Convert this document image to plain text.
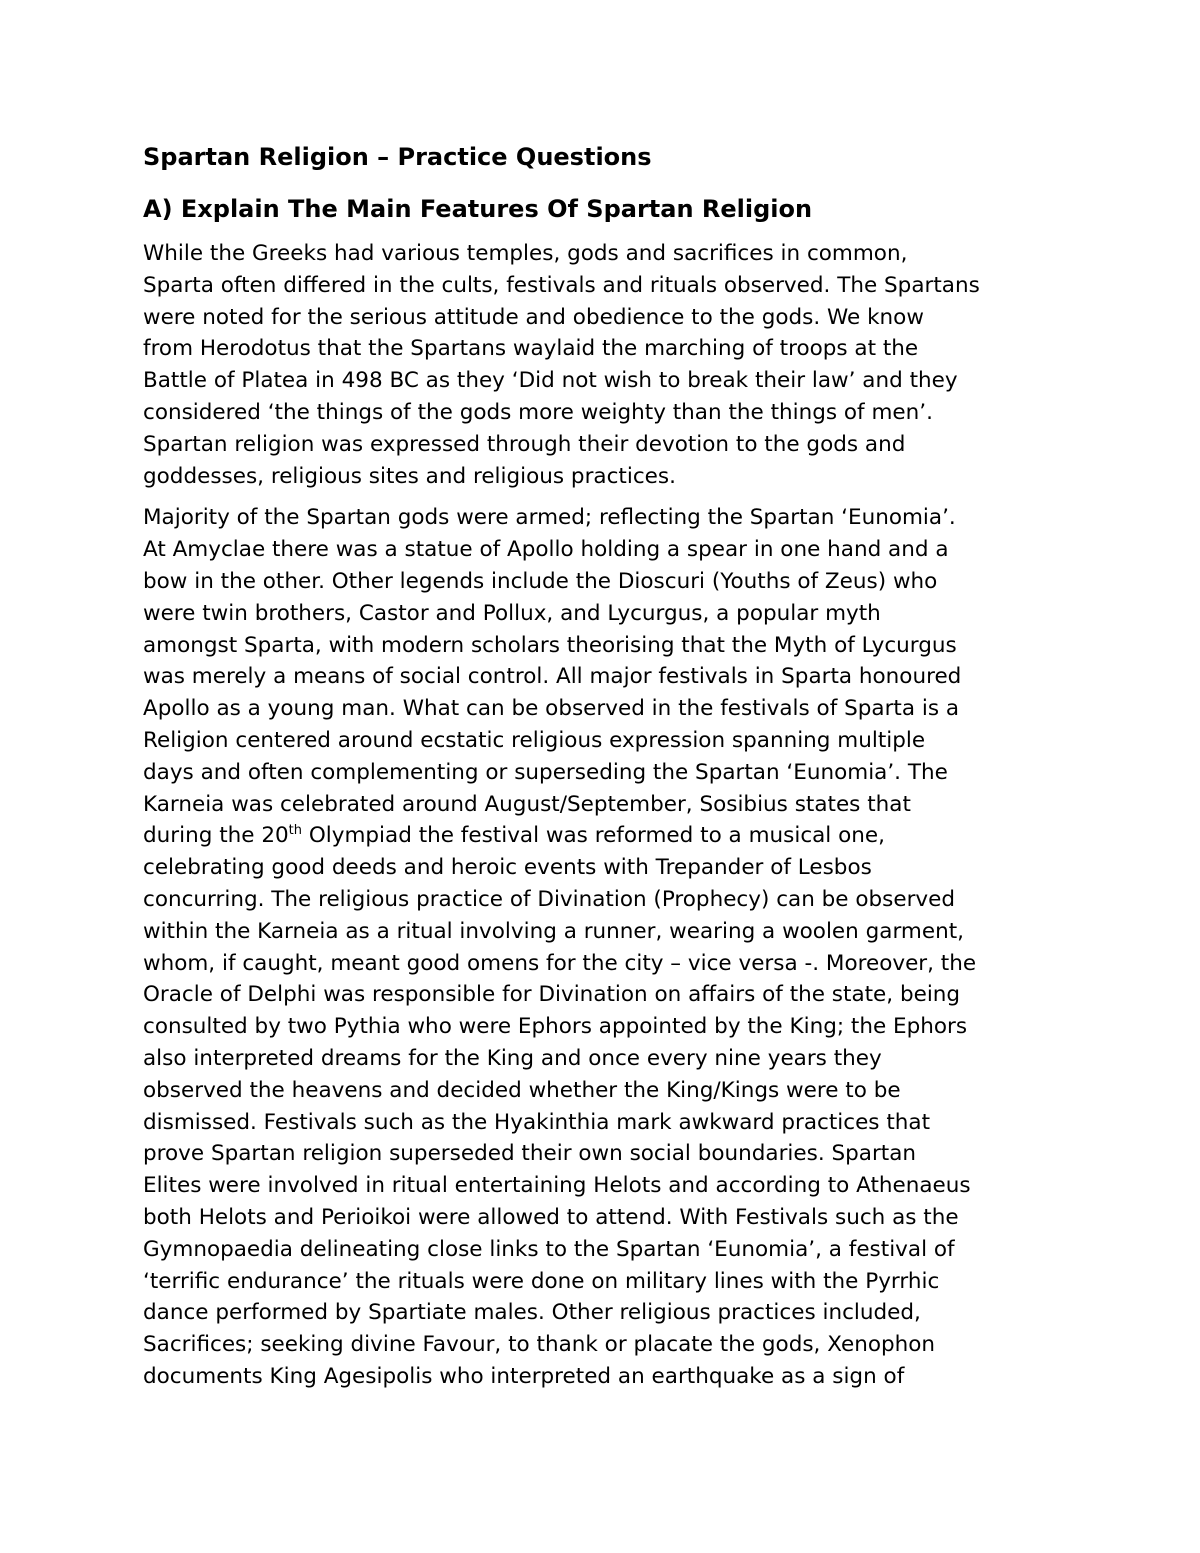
Spartan Religion – Practice Questions
A) Explain The Main Features Of Spartan Religion
While the Greeks had various temples, gods and sacrifices in common,
Sparta often differed in the cults, festivals and rituals observed. The Spartans
were noted for the serious attitude and obedience to the gods. We know
from Herodotus that the Spartans waylaid the marching of troops at the
Battle of Platea in 498 BC as they ‘Did not wish to break their law’ and they
considered ‘the things of the gods more weighty than the things of men’.
Spartan religion was expressed through their devotion to the gods and
goddesses, religious sites and religious practices.
Majority of the Spartan gods were armed; reflecting the Spartan ‘Eunomia’.
At Amyclae there was a statue of Apollo holding a spear in one hand and a
bow in the other. Other legends include the Dioscuri (Youths of Zeus) who
were twin brothers, Castor and Pollux, and Lycurgus, a popular myth
amongst Sparta, with modern scholars theorising that the Myth of Lycurgus
was merely a means of social control. All major festivals in Sparta honoured
Apollo as a young man. What can be observed in the festivals of Sparta is a
Religion centered around ecstatic religious expression spanning multiple
days and often complementing or superseding the Spartan ‘Eunomia’. The
Karneia was celebrated around August/September, Sosibius states that
during the 20th Olympiad the festival was reformed to a musical one,
celebrating good deeds and heroic events with Trepander of Lesbos
concurring. The religious practice of Divination (Prophecy) can be observed
within the Karneia as a ritual involving a runner, wearing a woolen garment,
whom, if caught, meant good omens for the city – vice versa -. Moreover, the
Oracle of Delphi was responsible for Divination on affairs of the state, being
consulted by two Pythia who were Ephors appointed by the King; the Ephors
also interpreted dreams for the King and once every nine years they
observed the heavens and decided whether the King/Kings were to be
dismissed. Festivals such as the Hyakinthia mark awkward practices that
prove Spartan religion superseded their own social boundaries. Spartan
Elites were involved in ritual entertaining Helots and according to Athenaeus
both Helots and Perioikoi were allowed to attend. With Festivals such as the
Gymnopaedia delineating close links to the Spartan ‘Eunomia’, a festival of
‘terrific endurance’ the rituals were done on military lines with the Pyrrhic
dance performed by Spartiate males. Other religious practices included,
Sacrifices; seeking divine Favour, to thank or placate the gods, Xenophon
documents King Agesipolis who interpreted an earthquake as a sign of
